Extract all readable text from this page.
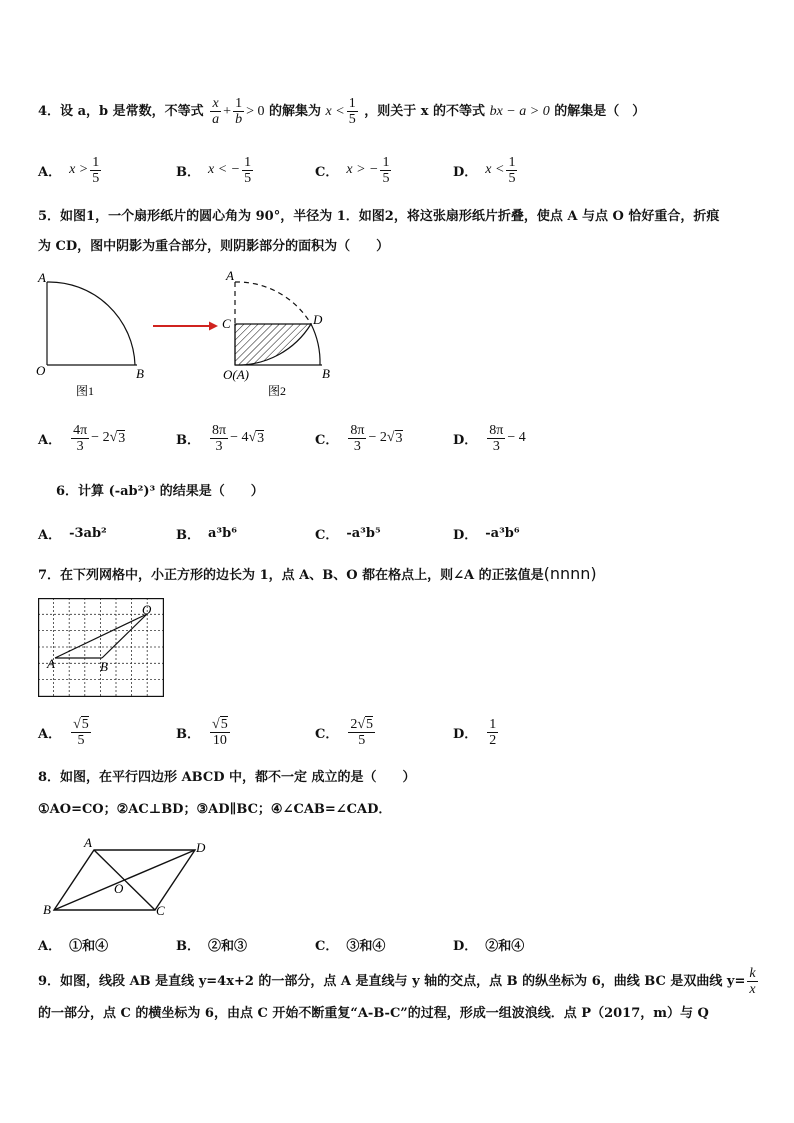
4．设 a，b 是常数，不等式 $\frac{x}{a} + \frac{1}{b} > 0$ 的解集为 $x < \frac{1}{5}$ ，则关于 x 的不等式 bx − a > 0 的解集是（　）
A． $x > \frac{1}{5}$	B． x < − $\frac{1}{5}$	C． x > − $\frac{1}{5}$	D． $x < \frac{1}{5}$
5．如图1，一个扇形纸片的圆心角为 90°，半径为 1．如图2，将这张扇形纸片折叠，使点 A 与点 O 恰好重合，折痕
为 CD，图中阴影为重合部分，则阴影部分的面积为（　　）
A
O	B
图1
A
C	D
O(A)	B
图2
A． $\frac{4\pi}{3} - 2$ √ 3	B． $\frac{8\pi}{3} - 4$ √ 3	C． $\frac{8\pi}{3} - 2$ √ 3	D． $\frac{8\pi}{3} - 4$
6．计算 (-ab²)³ 的结果是（　　）
A． -3ab²	B． a³b⁶	C． -a³b⁵	D． -a³b⁶
7．在下列网格中，小正方形的边长为 1，点 A、B、O 都在格点上，则∠A 的正弦值是(nnnn)
A	B
O
A． $\frac{√5}{5}$	B． $\frac{√5}{10}$	C． $\frac{2√5}{5}$	D． $\frac{1}{2}$
8．如图，在平行四边形 ABCD 中，都不一定 成立的是（　　）
①AO=CO；②AC⊥BD；③AD∥BC；④∠CAB=∠CAD．
A	D
O
B	C
A． ①和④	B． ②和③	C． ③和④	D． ②和④
9．如图，线段 AB 是直线 y=4x+2 的一部分，点 A 是直线与 y 轴的交点，点 B 的纵坐标为 6，曲线 BC 是双曲线 $y= \frac{k}{x}$
的一部分，点 C 的横坐标为 6，由点 C 开始不断重复“A-B-C”的过程，形成一组波浪线．点 P（2017，m）与 Q
